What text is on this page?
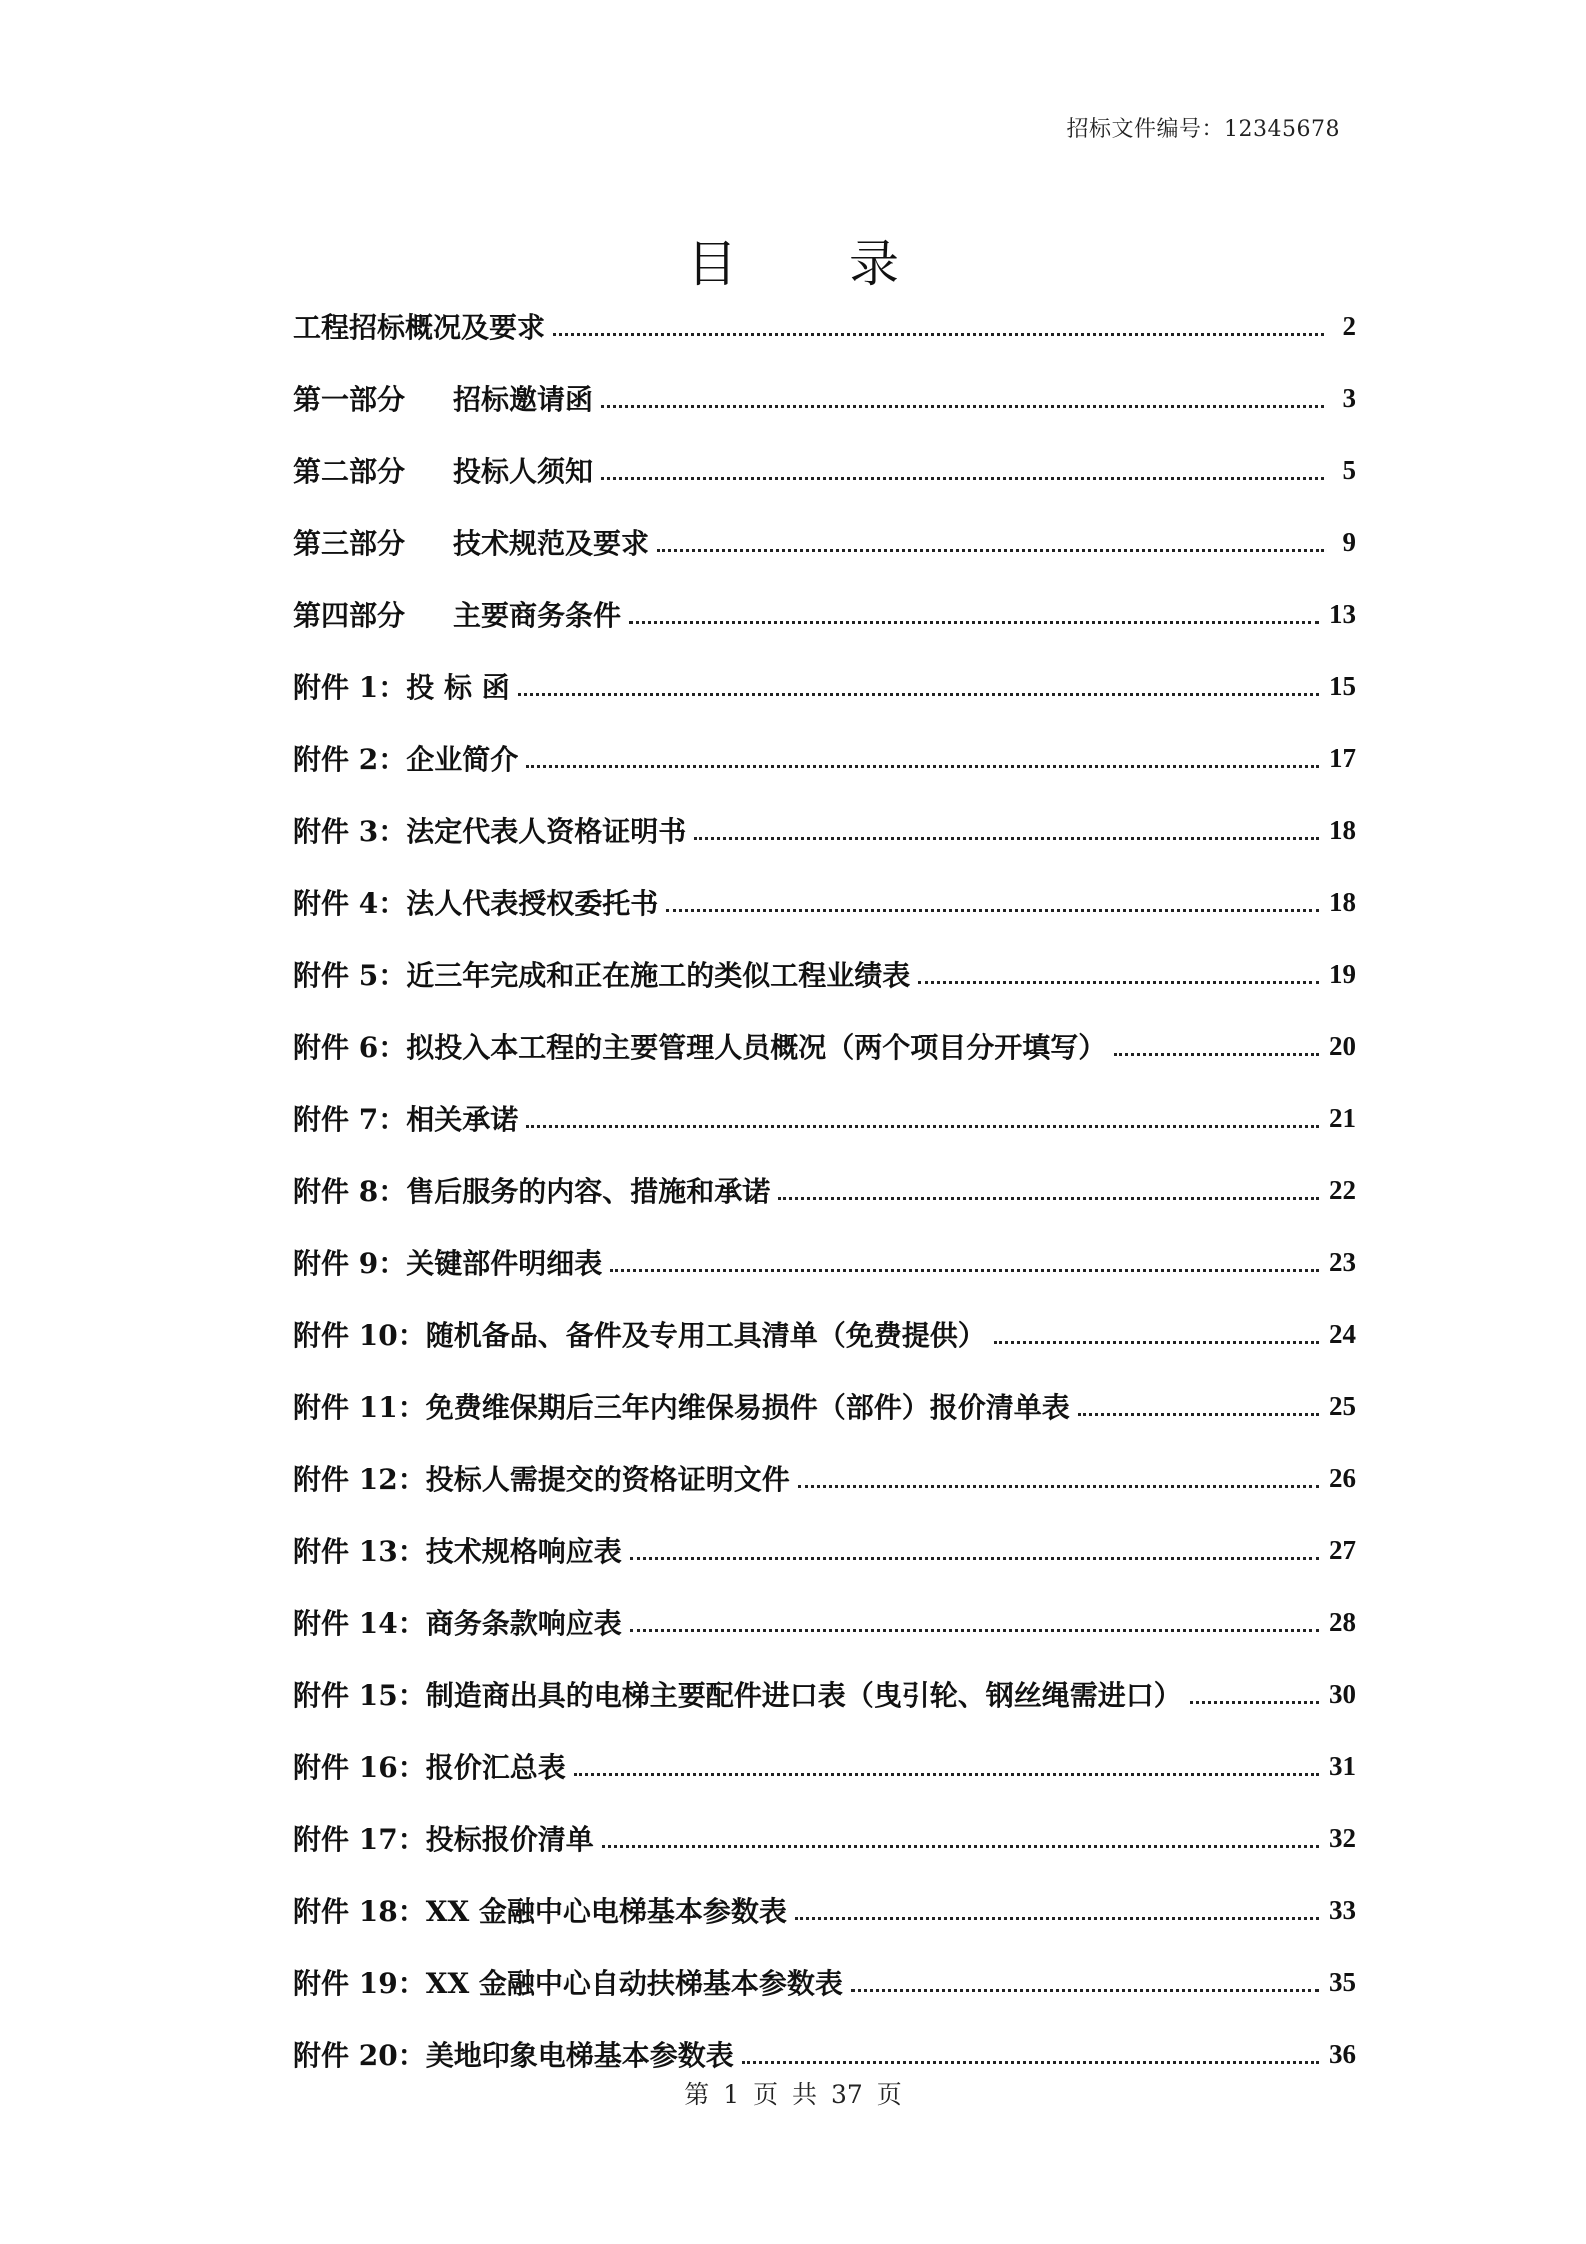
招标文件编号：12345678
目录
工程招标概况及要求	2
第一部分 招标邀请函	3
第二部分 投标人须知	5
第三部分 技术规范及要求	9
第四部分 主要商务条件	13
附件 1：投 标 函	15
附件 2：企业简介	17
附件 3：法定代表人资格证明书	18
附件 4：法人代表授权委托书	18
附件 5：近三年完成和正在施工的类似工程业绩表	19
附件 6：拟投入本工程的主要管理人员概况（两个项目分开填写）	20
附件 7：相关承诺	21
附件 8：售后服务的内容、措施和承诺	22
附件 9：关键部件明细表	23
附件 10：随机备品、备件及专用工具清单（免费提供）	24
附件 11：免费维保期后三年内维保易损件（部件）报价清单表	25
附件 12：投标人需提交的资格证明文件	26
附件 13：技术规格响应表	27
附件 14：商务条款响应表	28
附件 15：制造商出具的电梯主要配件进口表（曳引轮、钢丝绳需进口）	30
附件 16：报价汇总表	31
附件 17：投标报价清单	32
附件 18：XX 金融中心电梯基本参数表	33
附件 19：XX 金融中心自动扶梯基本参数表	35
附件 20：美地印象电梯基本参数表	36
第 1 页 共 37 页
